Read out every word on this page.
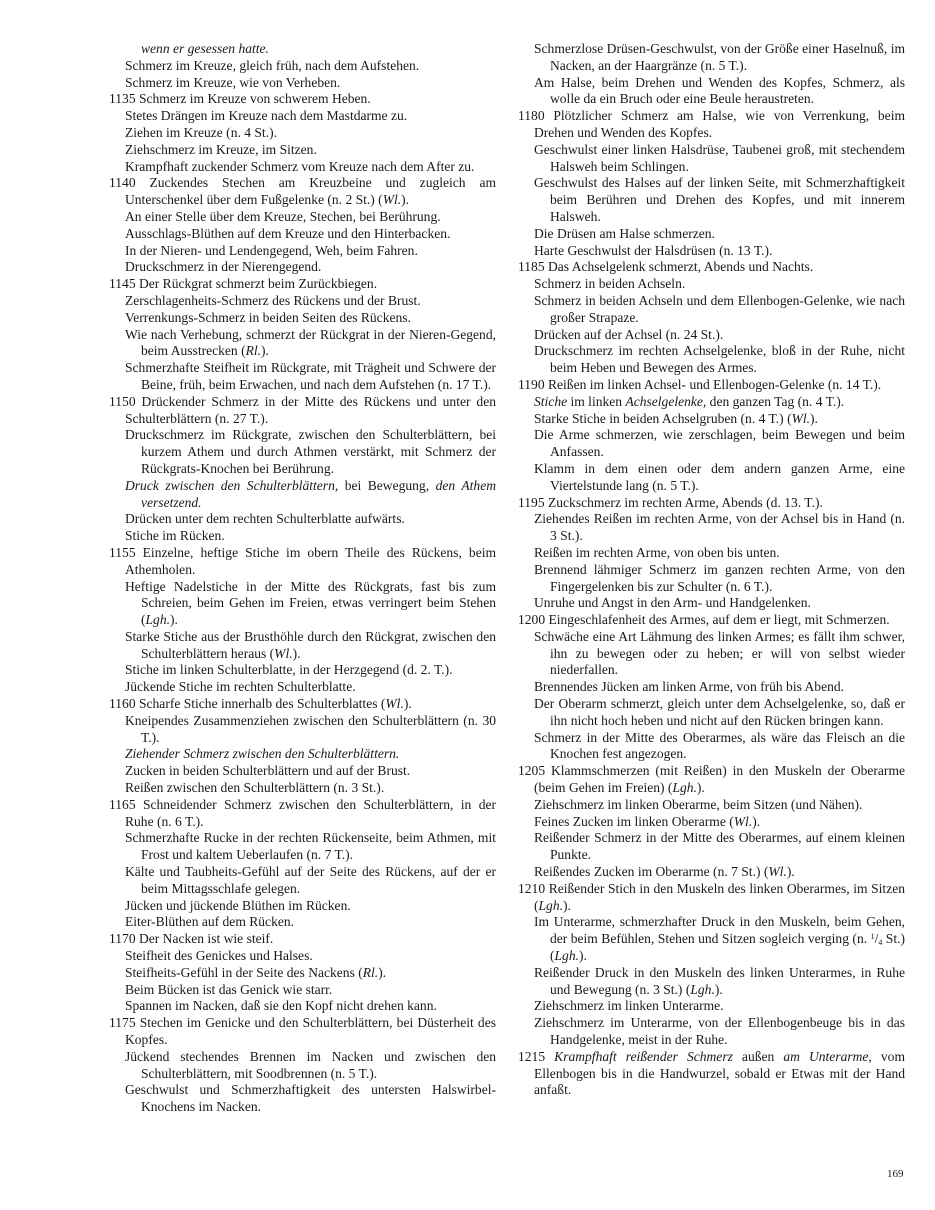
wenn er gesessen hatte.

Schmerz im Kreuze, gleich früh, nach dem Aufstehen.

Schmerz im Kreuze, wie von Verheben.

1135 Schmerz im Kreuze von schwerem Heben.

Stetes Drängen im Kreuze nach dem Mastdarme zu.

Ziehen im Kreuze (n. 4 St.).

Ziehschmerz im Kreuze, im Sitzen.

Krampfhaft zuckender Schmerz vom Kreuze nach dem After zu.

1140 Zuckendes Stechen am Kreuzbeine und zugleich am Unterschenkel über dem Fußgelenke (n. 2 St.) (Wl.).

An einer Stelle über dem Kreuze, Stechen, bei Berührung.

Ausschlags-Blüthen auf dem Kreuze und den Hinterbacken.

In der Nieren- und Lendengegend, Weh, beim Fahren.

Druckschmerz in der Nierengegend.

1145 Der Rückgrat schmerzt beim Zurückbiegen.

Zerschlagenheits-Schmerz des Rückens und der Brust.

Verrenkungs-Schmerz in beiden Seiten des Rückens.

Wie nach Verhebung, schmerzt der Rückgrat in der Nieren-Gegend, beim Ausstrecken (Rl.).

Schmerzhafte Steifheit im Rückgrate, mit Trägheit und Schwere der Beine, früh, beim Erwachen, und nach dem Aufstehen (n. 17 T.).

1150 Drückender Schmerz in der Mitte des Rückens und unter den Schulterblättern (n. 27 T.).

Druckschmerz im Rückgrate, zwischen den Schulterblättern, bei kurzem Athem und durch Athmen verstärkt, mit Schmerz der Rückgrats-Knochen bei Berührung.

Druck zwischen den Schulterblättern, bei Bewegung, den Athem versetzend.

Drücken unter dem rechten Schulterblatte aufwärts.

Stiche im Rücken.

1155 Einzelne, heftige Stiche im obern Theile des Rückens, beim Athemholen.

Heftige Nadelstiche in der Mitte des Rückgrats, fast bis zum Schreien, beim Gehen im Freien, etwas verringert beim Stehen (Lgh.).

Starke Stiche aus der Brusthöhle durch den Rückgrat, zwischen den Schulterblättern heraus (Wl.).

Stiche im linken Schulterblatte, in der Herzgegend (d. 2. T.).

Jückende Stiche im rechten Schulterblatte.

1160 Scharfe Stiche innerhalb des Schulterblattes (Wl.).

Kneipendes Zusammenziehen zwischen den Schulterblättern (n. 30 T.).

Ziehender Schmerz zwischen den Schulterblättern.

Zucken in beiden Schulterblättern und auf der Brust.

Reißen zwischen den Schulterblättern (n. 3 St.).

1165 Schneidender Schmerz zwischen den Schulterblättern, in der Ruhe (n. 6 T.).

Schmerzhafte Rucke in der rechten Rückenseite, beim Athmen, mit Frost und kaltem Ueberlaufen (n. 7 T.).

Kälte und Taubheits-Gefühl auf der Seite des Rückens, auf der er beim Mittagsschlafe gelegen.

Jücken und jückende Blüthen im Rücken.

Eiter-Blüthen auf dem Rücken.

1170 Der Nacken ist wie steif.

Steifheit des Genickes und Halses.

Steifheits-Gefühl in der Seite des Nackens (Rl.).

Beim Bücken ist das Genick wie starr.

Spannen im Nacken, daß sie den Kopf nicht drehen kann.

1175 Stechen im Genicke und den Schulterblättern, bei Düsterheit des Kopfes.

Jückend stechendes Brennen im Nacken und zwischen den Schulterblättern, mit Soodbrennen (n. 5 T.).

Geschwulst und Schmerzhaftigkeit des untersten Halswirbel-Knochens im Nacken.

Schmerzlose Drüsen-Geschwulst, von der Größe einer Haselnuß, im Nacken, an der Haargränze (n. 5 T.).

Am Halse, beim Drehen und Wenden des Kopfes, Schmerz, als wolle da ein Bruch oder eine Beule heraustreten.

1180 Plötzlicher Schmerz am Halse, wie von Verrenkung, beim Drehen und Wenden des Kopfes.

Geschwulst einer linken Halsdrüse, Taubenei groß, mit stechendem Halsweh beim Schlingen.

Geschwulst des Halses auf der linken Seite, mit Schmerzhaftigkeit beim Berühren und Drehen des Kopfes, und mit innerem Halsweh.

Die Drüsen am Halse schmerzen.

Harte Geschwulst der Halsdrüsen (n. 13 T.).

1185 Das Achselgelenk schmerzt, Abends und Nachts.

Schmerz in beiden Achseln.

Schmerz in beiden Achseln und dem Ellenbogen-Gelenke, wie nach großer Strapaze.

Drücken auf der Achsel (n. 24 St.).

Druckschmerz im rechten Achselgelenke, bloß in der Ruhe, nicht beim Heben und Bewegen des Armes.

1190 Reißen im linken Achsel- und Ellenbogen-Gelenke (n. 14 T.).

Stiche im linken Achselgelenke, den ganzen Tag (n. 4 T.).

Starke Stiche in beiden Achselgruben (n. 4 T.) (Wl.).

Die Arme schmerzen, wie zerschlagen, beim Bewegen und beim Anfassen.

Klamm in dem einen oder dem andern ganzen Arme, eine Viertelstunde lang (n. 5 T.).

1195 Zuckschmerz im rechten Arme, Abends (d. 13. T.).

Ziehendes Reißen im rechten Arme, von der Achsel bis in Hand (n. 3 St.).

Reißen im rechten Arme, von oben bis unten.

Brennend lähmiger Schmerz im ganzen rechten Arme, von den Fingergelenken bis zur Schulter (n. 6 T.).

Unruhe und Angst in den Arm- und Handgelenken.

1200 Eingeschlafenheit des Armes, auf dem er liegt, mit Schmerzen.

Schwäche eine Art Lähmung des linken Armes; es fällt ihm schwer, ihn zu bewegen oder zu heben; er will von selbst wieder niederfallen.

Brennendes Jücken am linken Arme, von früh bis Abend.

Der Oberarm schmerzt, gleich unter dem Achselgelenke, so, daß er ihn nicht hoch heben und nicht auf den Rücken bringen kann.

Schmerz in der Mitte des Oberarmes, als wäre das Fleisch an die Knochen fest angezogen.

1205 Klammschmerzen (mit Reißen) in den Muskeln der Oberarme (beim Gehen im Freien) (Lgh.).

Ziehschmerz im linken Oberarme, beim Sitzen (und Nähen).

Feines Zucken im linken Oberarme (Wl.).

Reißender Schmerz in der Mitte des Oberarmes, auf einem kleinen Punkte.

Reißendes Zucken im Oberarme (n. 7 St.) (Wl.).

1210 Reißender Stich in den Muskeln des linken Oberarmes, im Sitzen (Lgh.).

Im Unterarme, schmerzhafter Druck in den Muskeln, beim Gehen, der beim Befühlen, Stehen und Sitzen sogleich verging (n. $^1/_4$ St.) (Lgh.).

Reißender Druck in den Muskeln des linken Unterarmes, in Ruhe und Bewegung (n. 3 St.) (Lgh.).

Ziehschmerz im linken Unterarme.

Ziehschmerz im Unterarme, von der Ellenbogenbeuge bis in das Handgelenke, meist in der Ruhe.

1215 Krampfhaft reißender Schmerz außen am Unterarme, vom Ellenbogen bis in die Handwurzel, sobald er Etwas mit der Hand anfaßt.

169
